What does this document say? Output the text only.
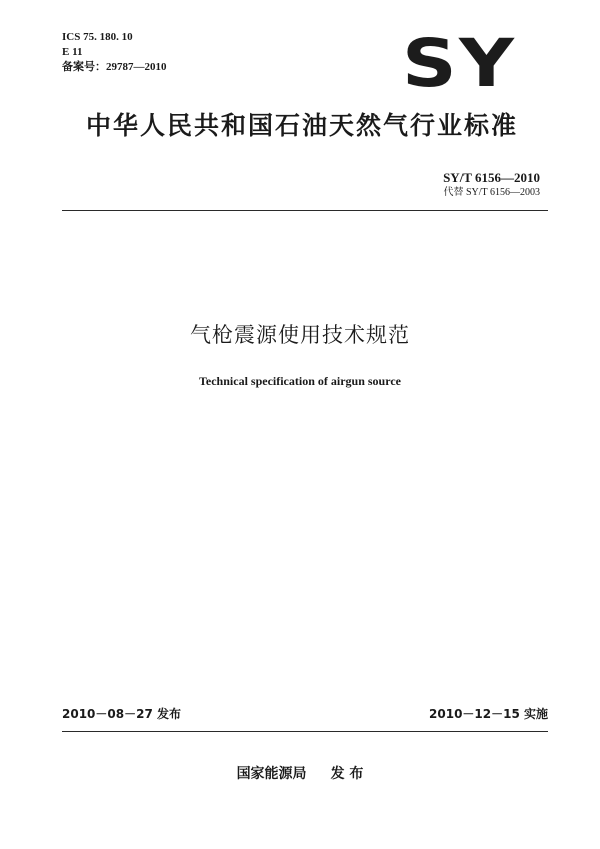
ICS 75. 180. 10
E 11
备案号：29787—2010	SY
中华人民共和国石油天然气行业标准
SY/T 6156—2010
代替 SY/T 6156—2003
气枪震源使用技术规范
Technical specification of airgun source
2010－08－27 发布	2010－12－15 实施
国家能源局 发 布
